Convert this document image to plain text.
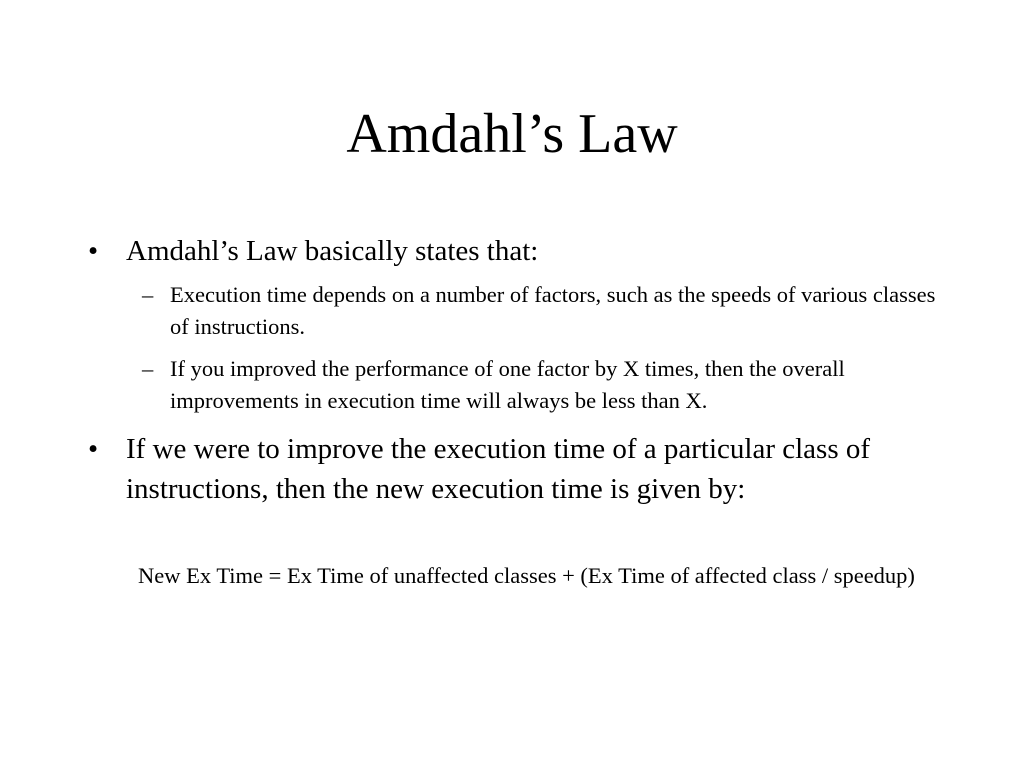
Amdahl’s Law
• Amdahl’s Law basically states that:
– Execution time depends on a number of factors, such as the speeds of various classes of instructions.
– If you improved the performance of one factor by X times, then the overall improvements in execution time will always be less than X.
• If we were to improve the execution time of a particular class of instructions, then the new execution time is given by:
New Ex Time = Ex Time of unaffected classes + (Ex Time of affected class / speedup)
